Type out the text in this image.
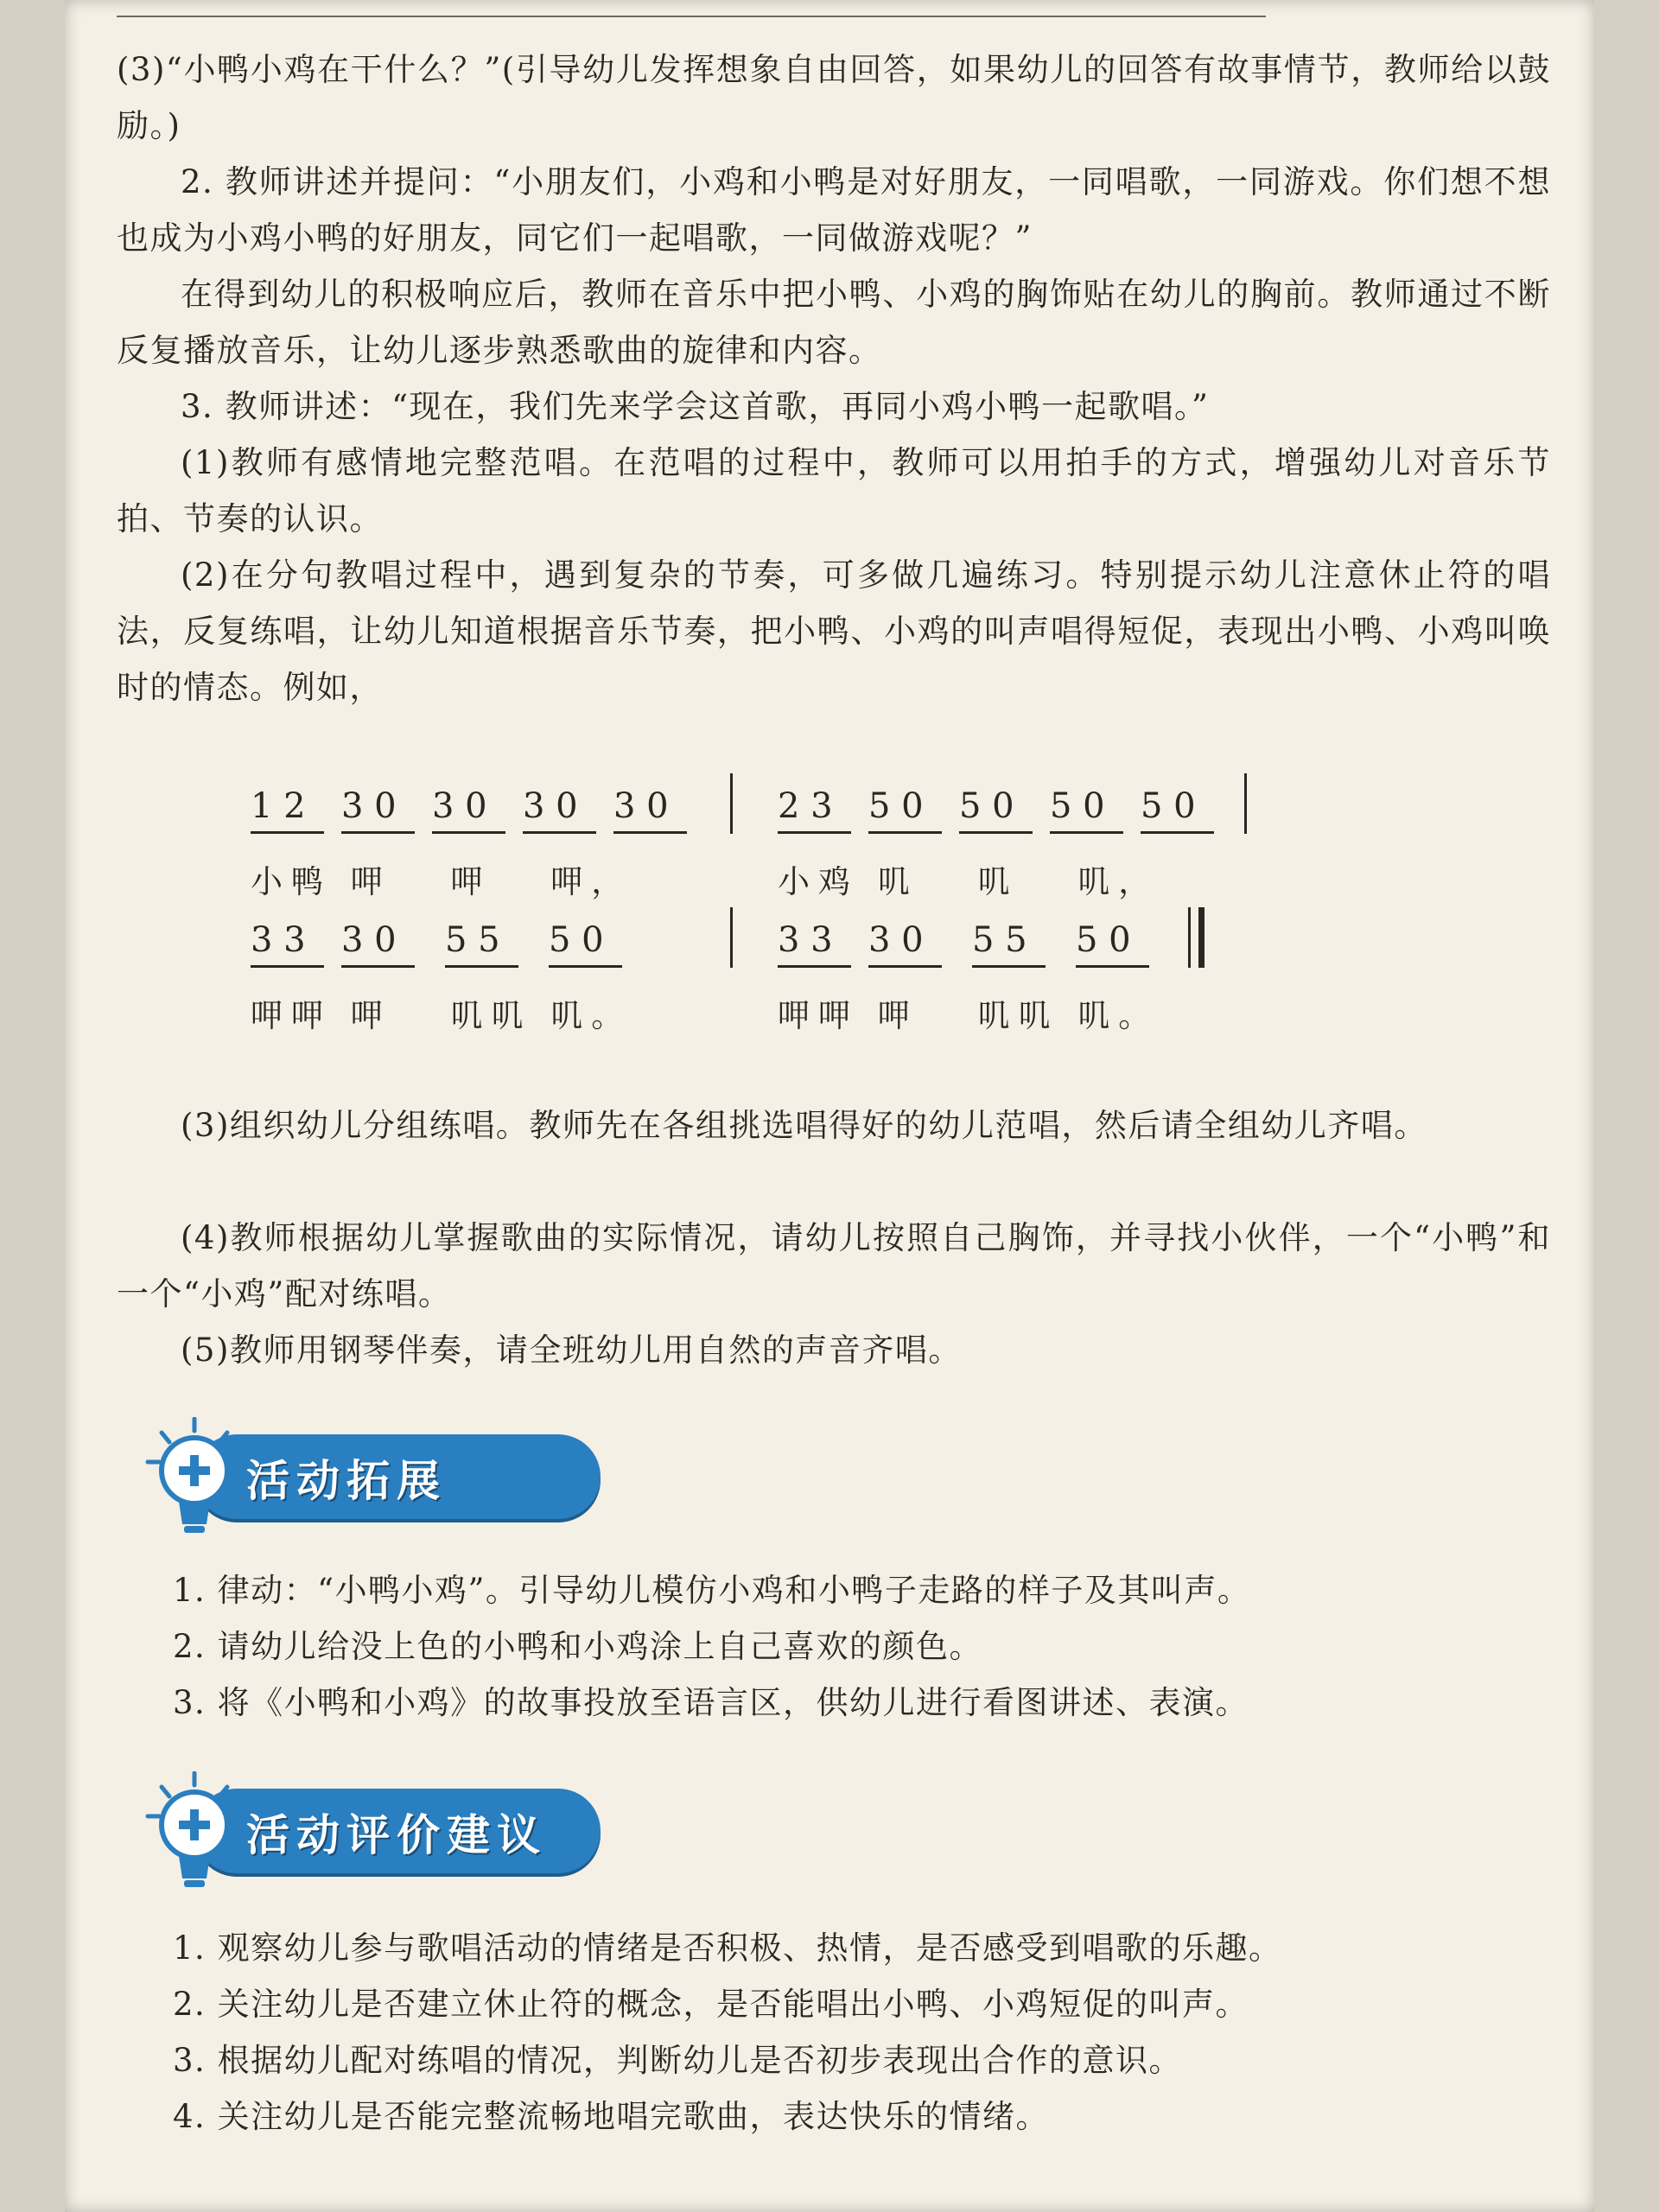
(3)“小鸭小鸡在干什么？”(引导幼儿发挥想象自由回答，如果幼儿的回答有故事情节，教师给以鼓励。)
2. 教师讲述并提问：“小朋友们，小鸡和小鸭是对好朋友，一同唱歌，一同游戏。你们想不想也成为小鸡小鸭的好朋友，同它们一起唱歌，一同做游戏呢？”
在得到幼儿的积极响应后，教师在音乐中把小鸭、小鸡的胸饰贴在幼儿的胸前。教师通过不断反复播放音乐，让幼儿逐步熟悉歌曲的旋律和内容。
3. 教师讲述：“现在，我们先来学会这首歌，再同小鸡小鸭一起歌唱。”
(1)教师有感情地完整范唱。在范唱的过程中，教师可以用拍手的方式，增强幼儿对音乐节拍、节奏的认识。
(2)在分句教唱过程中，遇到复杂的节奏，可多做几遍练习。特别提示幼儿注意休止符的唱法，反复练唱，让幼儿知道根据音乐节奏，把小鸭、小鸡的叫声唱得短促，表现出小鸭、小鸡叫唤时的情态。例如，
1 2 3 0 3 0 3 0 3 0	2 3 5 0 5 0 5 0 5 0
小鸭 呷　 呷　 呷，	小鸡 叽　 叽　 叽，
3 3 3 0 5 5 5 0	3 3 3 0 5 5 5 0
呷呷 呷　 叽叽 叽。	呷呷 呷　 叽叽 叽。
(3)组织幼儿分组练唱。教师先在各组挑选唱得好的幼儿范唱，然后请全组幼儿齐唱。
(4)教师根据幼儿掌握歌曲的实际情况，请幼儿按照自己胸饰，并寻找小伙伴，一个“小鸭”和一个“小鸡”配对练唱。
(5)教师用钢琴伴奏，请全班幼儿用自然的声音齐唱。
活动拓展
1. 律动：“小鸭小鸡”。引导幼儿模仿小鸡和小鸭子走路的样子及其叫声。
2. 请幼儿给没上色的小鸭和小鸡涂上自己喜欢的颜色。
3. 将《小鸭和小鸡》的故事投放至语言区，供幼儿进行看图讲述、表演。
活动评价建议
1. 观察幼儿参与歌唱活动的情绪是否积极、热情，是否感受到唱歌的乐趣。
2. 关注幼儿是否建立休止符的概念，是否能唱出小鸭、小鸡短促的叫声。
3. 根据幼儿配对练唱的情况，判断幼儿是否初步表现出合作的意识。
4. 关注幼儿是否能完整流畅地唱完歌曲，表达快乐的情绪。
